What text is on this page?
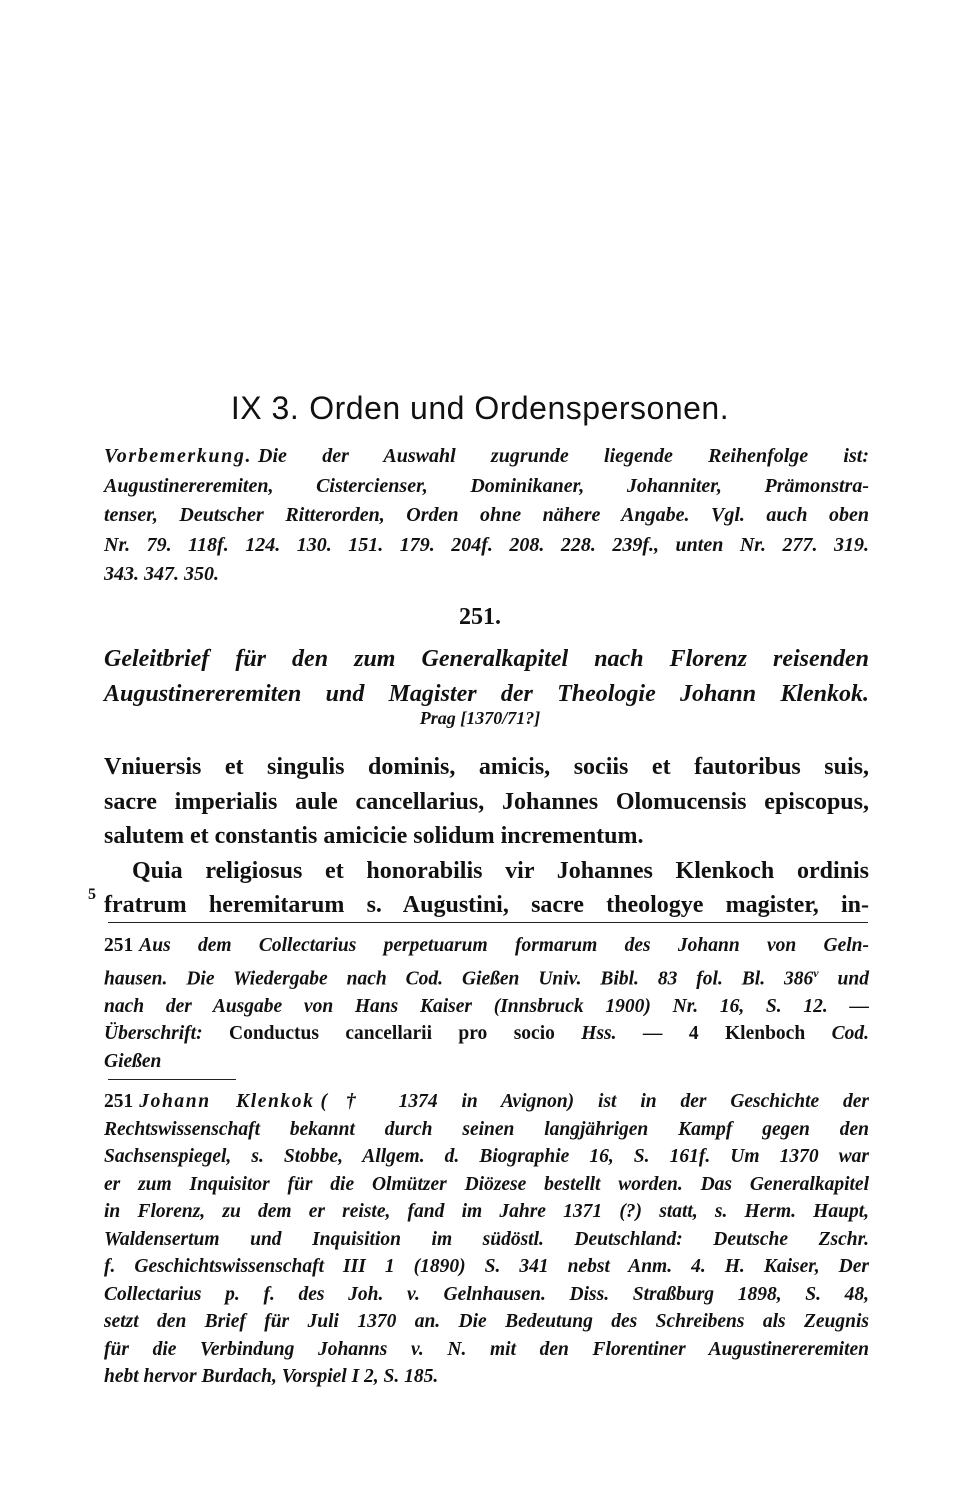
IX 3. Orden und Ordenspersonen.
Vorbemerkung. Die der Auswahl zugrunde liegende Reihenfolge ist:
Augustinereremiten, Cistercienser, Dominikaner, Johanniter, Prämonstra-
tenser, Deutscher Ritterorden, Orden ohne nähere Angabe. Vgl. auch oben
Nr. 79. 118f. 124. 130. 151. 179. 204f. 208. 228. 239f., unten Nr. 277. 319.
343. 347. 350.
251.
Geleitbrief für den zum Generalkapitel nach Florenz reisenden
Augustinereremiten und Magister der Theologie Johann Klenkok.
Prag [1370/71?]
Vniuersis et singulis dominis, amicis, sociis et fautoribus suis,
sacre imperialis aule cancellarius, Johannes Olomucensis episcopus,
salutem et constantis amicicie solidum incrementum.
Quia religiosus et honorabilis vir Johannes Klenkoch ordinis
fratrum heremitarum s. Augustini, sacre theologye magister, in-
5
251 Aus dem Collectarius perpetuarum formarum des Johann von Geln-
hausen. Die Wiedergabe nach Cod. Gießen Univ. Bibl. 83 fol. Bl. 386$^v$ und
nach der Ausgabe von Hans Kaiser (Innsbruck 1900) Nr. 16, S. 12. —
Überschrift: Conductus cancellarii pro socio Hss. — 4 Klenboch Cod.
Gießen
251 Johann Klenkok († 1374 in Avignon) ist in der Geschichte der
Rechtswissenschaft bekannt durch seinen langjährigen Kampf gegen den
Sachsenspiegel, s. Stobbe, Allgem. d. Biographie 16, S. 161f. Um 1370 war
er zum Inquisitor für die Olmützer Diözese bestellt worden. Das Generalkapitel
in Florenz, zu dem er reiste, fand im Jahre 1371 (?) statt, s. Herm. Haupt,
Waldensertum und Inquisition im südöstl. Deutschland: Deutsche Zschr.
f. Geschichtswissenschaft III 1 (1890) S. 341 nebst Anm. 4. H. Kaiser, Der
Collectarius p. f. des Joh. v. Gelnhausen. Diss. Straßburg 1898, S. 48,
setzt den Brief für Juli 1370 an. Die Bedeutung des Schreibens als Zeugnis
für die Verbindung Johanns v. N. mit den Florentiner Augustinereremiten
hebt hervor Burdach, Vorspiel I 2, S. 185.
